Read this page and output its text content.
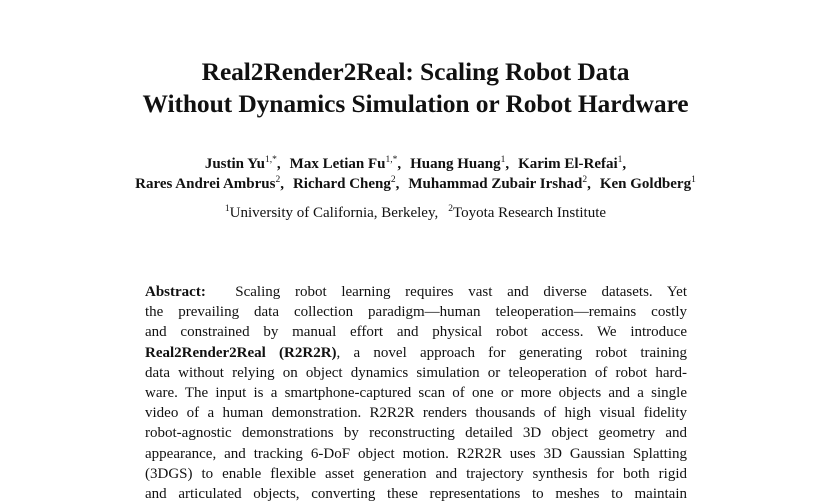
Real2Render2Real: Scaling Robot Data
Without Dynamics Simulation or Robot Hardware
Justin $Yu^{1,*}$, Max Letian $Fu^{1,*}$, Huang Huang$^1$, Karim El-Refai$^1$,
Rares Andrei Ambrus$^2$, Richard Cheng$^2$, Muhammad Zubair Irshad$^2$, Ken Goldberg$^1$
$^1$University of California, Berkeley, $^2$Toyota Research Institute
Abstract: Scaling robot learning requires vast and diverse datasets. Yet
the prevailing data collection paradigm—human teleoperation—remains costly
and constrained by manual effort and physical robot access. We introduce
Real2Render2Real (R2R2R), a novel approach for generating robot training
data without relying on object dynamics simulation or teleoperation of robot hard-
ware. The input is a smartphone-captured scan of one or more objects and a single
video of a human demonstration. R2R2R renders thousands of high visual fidelity
robot-agnostic demonstrations by reconstructing detailed 3D object geometry and
appearance, and tracking 6-DoF object motion. R2R2R uses 3D Gaussian Splatting
(3DGS) to enable flexible asset generation and trajectory synthesis for both rigid
and articulated objects, converting these representations to meshes to maintain
